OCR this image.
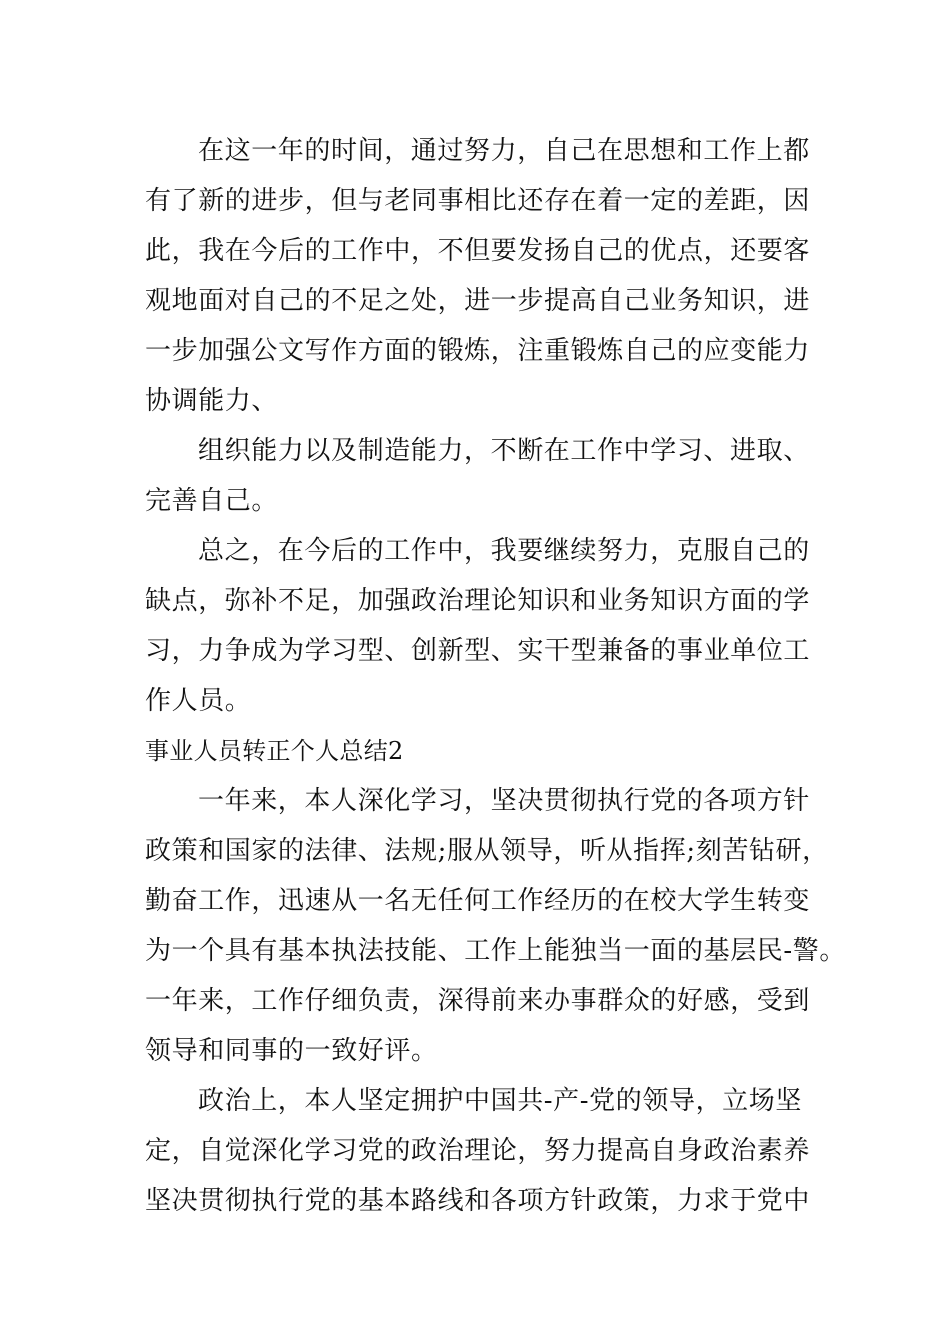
在这一年的时间，通过努力，自己在思想和工作上都

有了新的进步，但与老同事相比还存在着一定的差距，因

此，我在今后的工作中，不但要发扬自己的优点，还要客

观地面对自己的不足之处，进一步提高自己业务知识，进

一步加强公文写作方面的锻炼，注重锻炼自己的应变能力

协调能力、

组织能力以及制造能力，不断在工作中学习、进取、

完善自己。

总之，在今后的工作中，我要继续努力，克服自己的

缺点，弥补不足，加强政治理论知识和业务知识方面的学

习，力争成为学习型、创新型、实干型兼备的事业单位工

作人员。

事业人员转正个人总结2

一年来，本人深化学习，坚决贯彻执行党的各项方针

政策和国家的法律、法规;服从领导，听从指挥;刻苦钻研，

勤奋工作，迅速从一名无任何工作经历的在校大学生转变

为一个具有基本执法技能、工作上能独当一面的基层民-警。

一年来，工作仔细负责，深得前来办事群众的好感，受到

领导和同事的一致好评。

政治上，本人坚定拥护中国共-产-党的领导，立场坚

定，自觉深化学习党的政治理论，努力提高自身政治素养

坚决贯彻执行党的基本路线和各项方针政策，力求于党中
